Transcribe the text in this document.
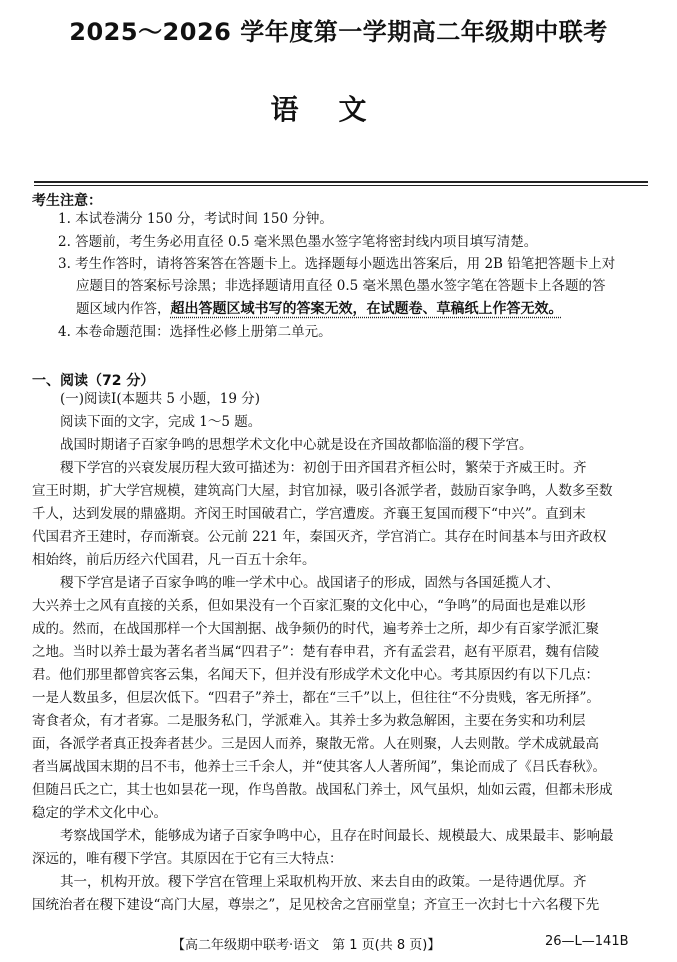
2025～2026 学年度第一学期高二年级期中联考
语文
考生注意：
1. 本试卷满分 150 分，考试时间 150 分钟。
2. 答题前，考生务必用直径 0.5 毫米黑色墨水签字笔将密封线内项目填写清楚。
3. 考生作答时，请将答案答在答题卡上。选择题每小题选出答案后，用 2B 铅笔把答题卡上对
应题目的答案标号涂黑；非选择题请用直径 0.5 毫米黑色墨水签字笔在答题卡上各题的答
题区域内作答，超出答题区域书写的答案无效，在试题卷、草稿纸上作答无效。
4. 本卷命题范围：选择性必修上册第二单元。
一、阅读（72 分）
(一)阅读Ⅰ(本题共 5 小题，19 分)
阅读下面的文字，完成 1～5 题。
战国时期诸子百家争鸣的思想学术文化中心就是设在齐国故都临淄的稷下学宫。
稷下学宫的兴衰发展历程大致可描述为：初创于田齐国君齐桓公时，繁荣于齐威王时。齐
宣王时期，扩大学宫规模，建筑高门大屋，封官加禄，吸引各派学者，鼓励百家争鸣，人数多至数
千人，达到发展的鼎盛期。齐闵王时国破君亡，学宫遭废。齐襄王复国而稷下“中兴”。直到末
代国君齐王建时，存而渐衰。公元前 221 年，秦国灭齐，学宫消亡。其存在时间基本与田齐政权
相始终，前后历经六代国君，凡一百五十余年。
稷下学宫是诸子百家争鸣的唯一学术中心。战国诸子的形成，固然与各国延揽人才、
大兴养士之风有直接的关系，但如果没有一个百家汇聚的文化中心，“争鸣”的局面也是难以形
成的。然而，在战国那样一个大国割据、战争频仍的时代，遍考养士之所，却少有百家学派汇聚
之地。当时以养士最为著名者当属“四君子”：楚有春申君，齐有孟尝君，赵有平原君，魏有信陵
君。他们那里都曾宾客云集，名闻天下，但并没有形成学术文化中心。考其原因约有以下几点：
一是人数虽多，但层次低下。“四君子”养士，都在“三千”以上，但往往“不分贵贱，客无所择”。
寄食者众，有才者寡。二是服务私门，学派难入。其养士多为救急解困，主要在务实和功利层
面，各派学者真正投奔者甚少。三是因人而养，聚散无常。人在则聚，人去则散。学术成就最高
者当属战国末期的吕不韦，他养士三千余人，并“使其客人人著所闻”，集论而成了《吕氏春秋》。
但随吕氏之亡，其士也如昙花一现，作鸟兽散。战国私门养士，风气虽炽，灿如云霞，但都未形成
稳定的学术文化中心。
考察战国学术，能够成为诸子百家争鸣中心，且存在时间最长、规模最大、成果最丰、影响最
深远的，唯有稷下学宫。其原因在于它有三大特点：
其一，机构开放。稷下学宫在管理上采取机构开放、来去自由的政策。一是待遇优厚。齐
国统治者在稷下建设“高门大屋，尊崇之”，足见校舍之宫丽堂皇；齐宣王一次封七十六名稷下先
【高二年级期中联考·语文　第 1 页(共 8 页)】	26—L—141B
